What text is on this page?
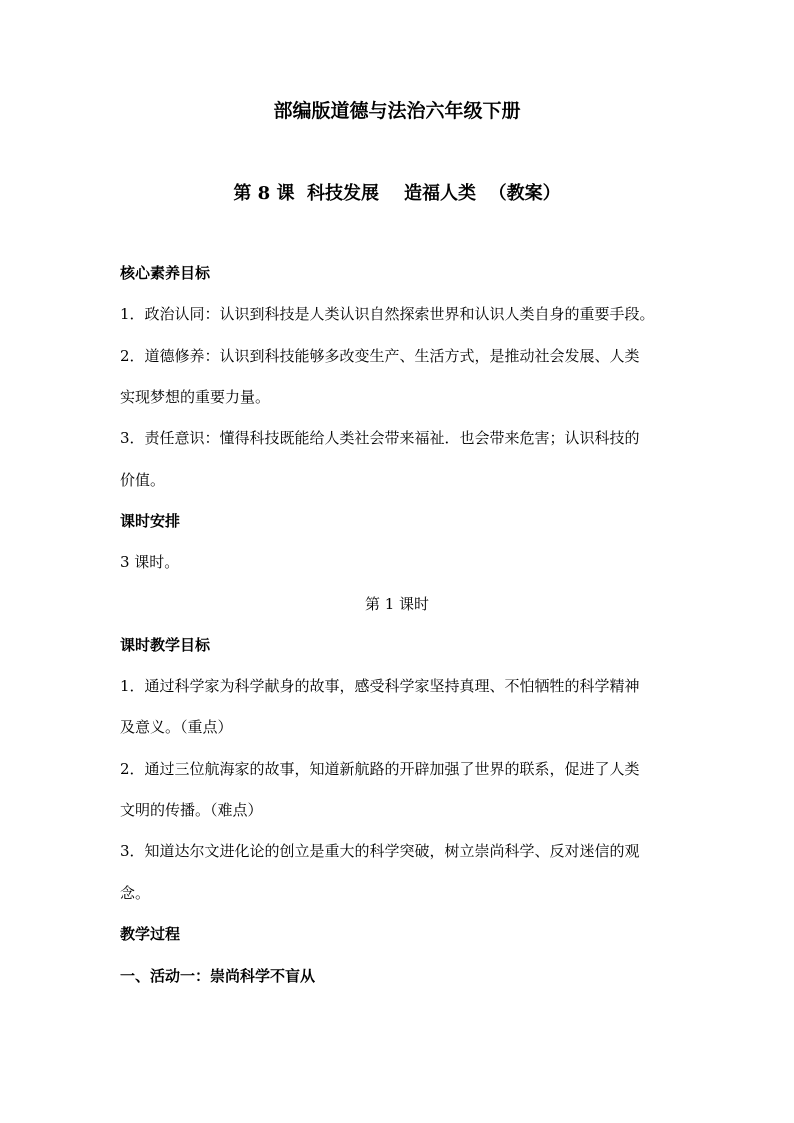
部编版道德与法治六年级下册
第 8 课  科技发展    造福人类  （教案）
核心素养目标
1．政治认同：认识到科技是人类认识自然探索世界和认识人类自身的重要手段。
2．道德修养：认识到科技能够多改变生产、生活方式，是推动社会发展、人类
实现梦想的重要力量。
3．责任意识：懂得科技既能给人类社会带来福祉．也会带来危害；认识科技的
价值。
课时安排
3 课时。
第 1 课时
课时教学目标
1．通过科学家为科学献身的故事，感受科学家坚持真理、不怕牺牲的科学精神
及意义。（重点）
2．通过三位航海家的故事，知道新航路的开辟加强了世界的联系，促进了人类
文明的传播。（难点）
3．知道达尔文进化论的创立是重大的科学突破，树立崇尚科学、反对迷信的观
念。
教学过程
一、活动一：崇尚科学不盲从
